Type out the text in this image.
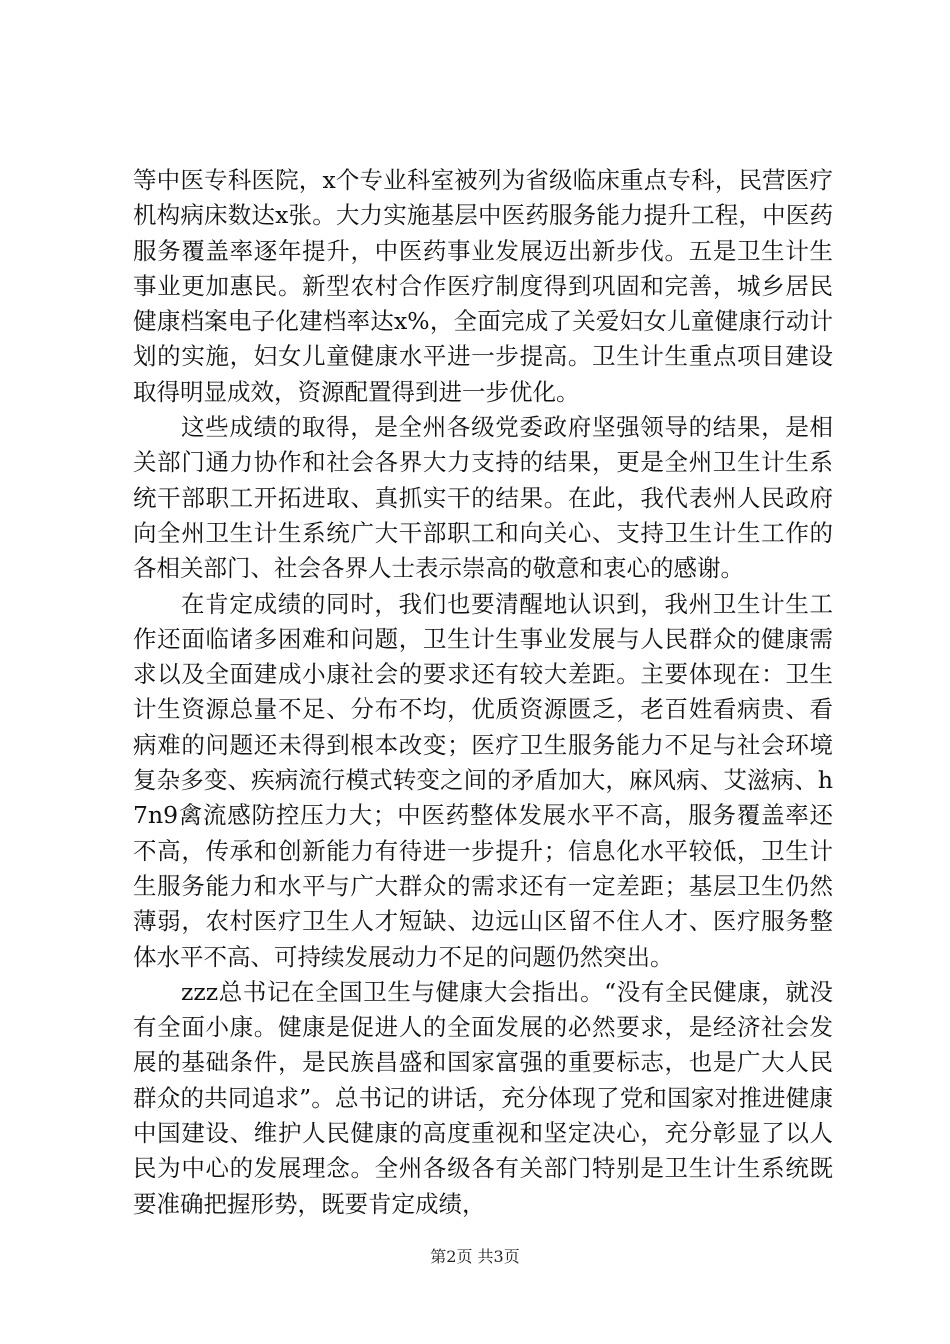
等中医专科医院，x个专业科室被列为省级临床重点专科，民营医疗机构病床数达x张。大力实施基层中医药服务能力提升工程，中医药服务覆盖率逐年提升，中医药事业发展迈出新步伐。五是卫生计生事业更加惠民。新型农村合作医疗制度得到巩固和完善，城乡居民健康档案电子化建档率达x%，全面完成了关爱妇女儿童健康行动计划的实施，妇女儿童健康水平进一步提高。卫生计生重点项目建设取得明显成效，资源配置得到进一步优化。

这些成绩的取得，是全州各级党委政府坚强领导的结果，是相关部门通力协作和社会各界大力支持的结果，更是全州卫生计生系统干部职工开拓进取、真抓实干的结果。在此，我代表州人民政府向全州卫生计生系统广大干部职工和向关心、支持卫生计生工作的各相关部门、社会各界人士表示崇高的敬意和衷心的感谢。

在肯定成绩的同时，我们也要清醒地认识到，我州卫生计生工作还面临诸多困难和问题，卫生计生事业发展与人民群众的健康需求以及全面建成小康社会的要求还有较大差距。主要体现在：卫生计生资源总量不足、分布不均，优质资源匮乏，老百姓看病贵、看病难的问题还未得到根本改变；医疗卫生服务能力不足与社会环境复杂多变、疾病流行模式转变之间的矛盾加大，麻风病、艾滋病、h7n9禽流感防控压力大；中医药整体发展水平不高，服务覆盖率还不高，传承和创新能力有待进一步提升；信息化水平较低，卫生计生服务能力和水平与广大群众的需求还有一定差距；基层卫生仍然薄弱，农村医疗卫生人才短缺、边远山区留不住人才、医疗服务整体水平不高、可持续发展动力不足的问题仍然突出。

zzz总书记在全国卫生与健康大会指出。“没有全民健康，就没有全面小康。健康是促进人的全面发展的必然要求，是经济社会发展的基础条件，是民族昌盛和国家富强的重要标志，也是广大人民群众的共同追求”。总书记的讲话，充分体现了党和国家对推进健康中国建设、维护人民健康的高度重视和坚定决心，充分彰显了以人民为中心的发展理念。全州各级各有关部门特别是卫生计生系统既要准确把握形势，既要肯定成绩，

第2页 共3页
